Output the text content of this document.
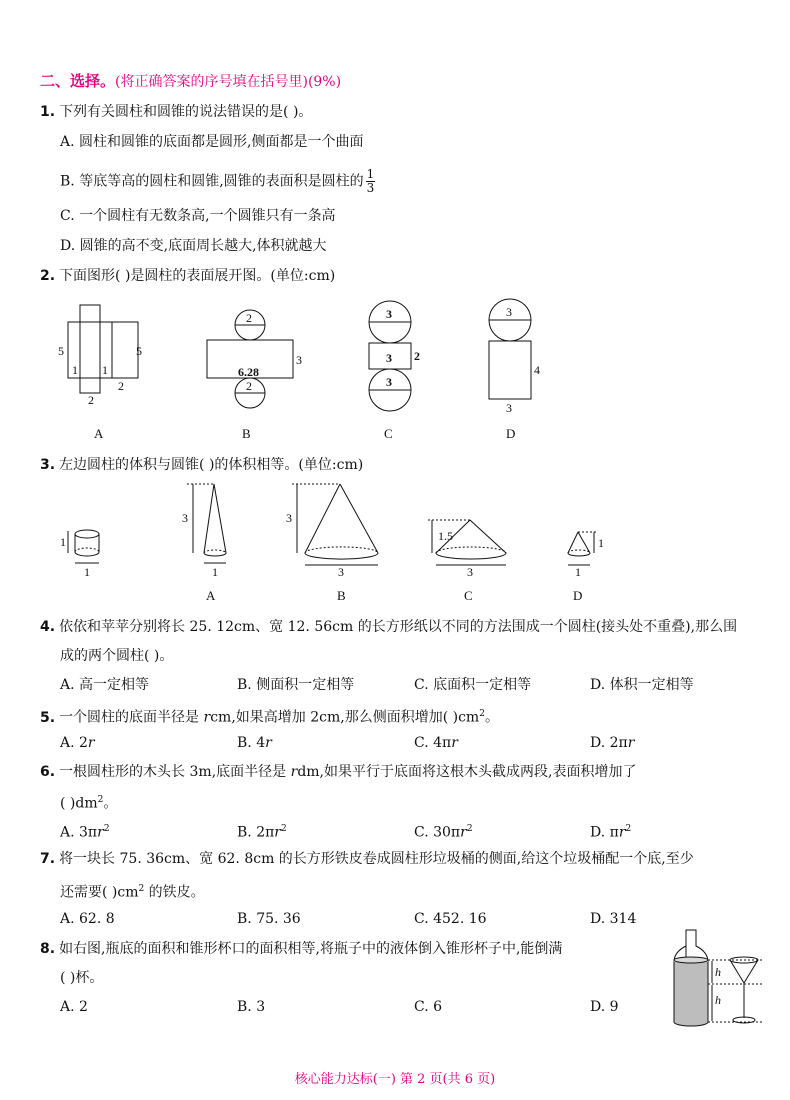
二、选择。(将正确答案的序号填在括号里)(9%)
1. 下列有关圆柱和圆锥的说法错误的是( )。
A. 圆柱和圆锥的底面都是圆形,侧面都是一个曲面
B. 等底等高的圆柱和圆锥,圆锥的表面积是圆柱的 $\frac{1}{3}$
C. 一个圆柱有无数条高,一个圆锥只有一条高
D. 圆锥的高不变,底面周长越大,体积就越大
2. 下面图形( )是圆柱的表面展开图。(单位:cm)
5
1
5
1
2
2
2
6.28
3
2
3
3 2
3
3
4
3
A	B	C	D
3. 左边圆柱的体积与圆锥( )的体积相等。(单位:cm)
1
1
3
1
3
3
1.5
3
1
1
A	B	C	D
4. 依依和苹苹分别将长 25. 12cm、宽 12. 56cm 的长方形纸以不同的方法围成一个圆柱(接头处不重叠),那么围
成的两个圆柱( )。
A. 高一定相等	B. 侧面积一定相等	C. 底面积一定相等	D. 体积一定相等
5. 一个圆柱的底面半径是 rcm,如果高增加 2cm,那么侧面积增加( )$cm^2$。
A. 2r	B. 4r	C. 4πr	D. 2πr
6. 一根圆柱形的木头长 3m,底面半径是 rdm,如果平行于底面将这根木头截成两段,表面积增加了
( )$dm^2$。
A. $3\pi r^2$	B. $2\pi r^2$	C. $30\pi r^2$	D. $\pi r^2$
7. 将一块长 75. 36cm、宽 62. 8cm 的长方形铁皮卷成圆柱形垃圾桶的侧面,给这个垃圾桶配一个底,至少
还需要( )$cm^2$ 的铁皮。
A. 62. 8	B. 75. 36	C. 452. 16	D. 314
8. 如右图,瓶底的面积和锥形杯口的面积相等,将瓶子中的液体倒入锥形杯子中,能倒满
( )杯。
A. 2	B. 3	C. 6	D. 9
h
h
核心能力达标(一) 第 2 页(共 6 页)
